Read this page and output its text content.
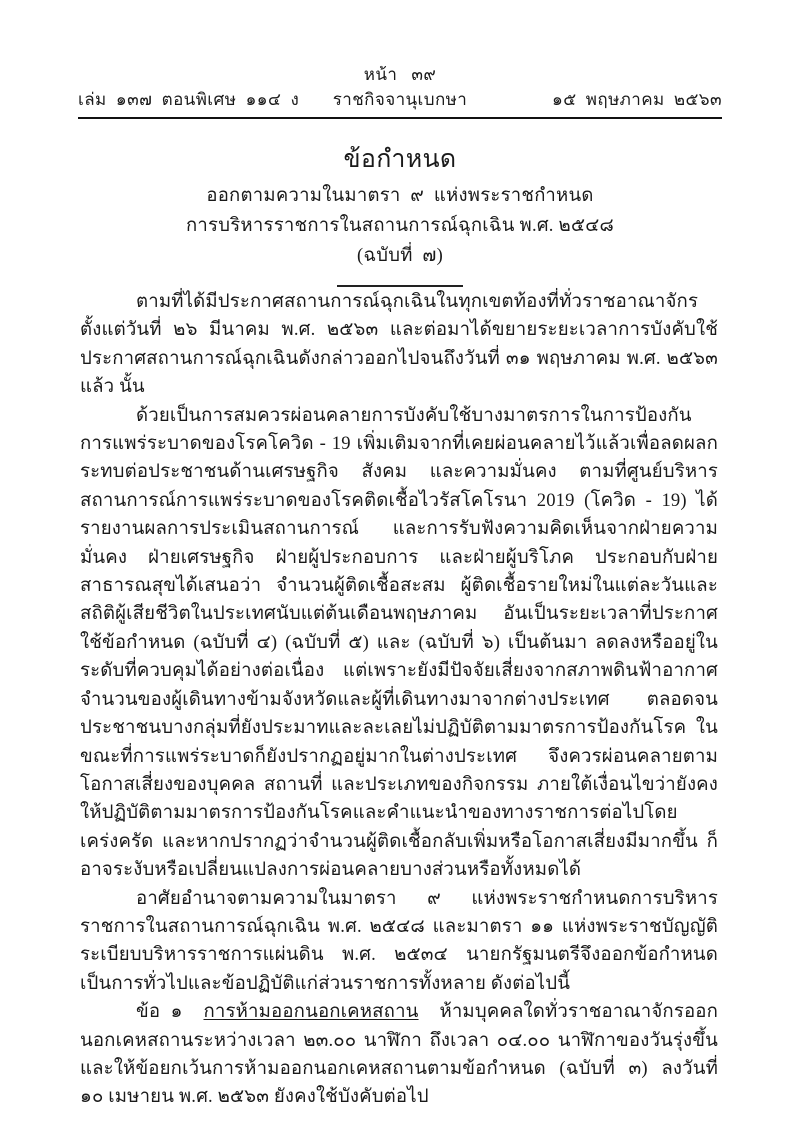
หน้า   ๓๙
เล่ม  ๑๓๗  ตอนพิเศษ  ๑๑๔  ง	ราชกิจจานุเบกษา	๑๕  พฤษภาคม  ๒๕๖๓
ข้อกำหนด
ออกตามความในมาตรา  ๙  แห่งพระราชกำหนด
การบริหารราชการในสถานการณ์ฉุกเฉิน พ.ศ. ๒๕๔๘
(ฉบับที่  ๗)

ตามที่ได้มีประกาศสถานการณ์ฉุกเฉินในทุกเขตท้องที่ทั่วราชอาณาจักรตั้งแต่วันที่ ๒๖ มีนาคม พ.ศ. ๒๕๖๓ และต่อมาได้ขยายระยะเวลาการบังคับใช้ประกาศสถานการณ์ฉุกเฉินดังกล่าวออกไปจนถึงวันที่ ๓๑ พฤษภาคม พ.ศ. ๒๕๖๓ แล้ว นั้น

ด้วยเป็นการสมควรผ่อนคลายการบังคับใช้บางมาตรการในการป้องกันการแพร่ระบาดของโรคโควิด - 19 เพิ่มเติมจากที่เคยผ่อนคลายไว้แล้วเพื่อลดผลกระทบต่อประชาชนด้านเศรษฐกิจ สังคม และความมั่นคง ตามที่ศูนย์บริหารสถานการณ์การแพร่ระบาดของโรคติดเชื้อไวรัสโคโรนา 2019 (โควิด - 19) ได้รายงานผลการประเมินสถานการณ์ และการรับฟังความคิดเห็นจากฝ่ายความมั่นคง ฝ่ายเศรษฐกิจ ฝ่ายผู้ประกอบการ และฝ่ายผู้บริโภค ประกอบกับฝ่ายสาธารณสุขได้เสนอว่า จำนวนผู้ติดเชื้อสะสม ผู้ติดเชื้อรายใหม่ในแต่ละวันและสถิติผู้เสียชีวิตในประเทศนับแต่ต้นเดือนพฤษภาคม อันเป็นระยะเวลาที่ประกาศใช้ข้อกำหนด (ฉบับที่ ๔) (ฉบับที่ ๕) และ (ฉบับที่ ๖) เป็นต้นมา ลดลงหรืออยู่ในระดับที่ควบคุมได้อย่างต่อเนื่อง แต่เพราะยังมีปัจจัยเสี่ยงจากสภาพดินฟ้าอากาศ จำนวนของผู้เดินทางข้ามจังหวัดและผู้ที่เดินทางมาจากต่างประเทศ ตลอดจนประชาชนบางกลุ่มที่ยังประมาทและละเลยไม่ปฏิบัติตามมาตรการป้องกันโรค ในขณะที่การแพร่ระบาดก็ยังปรากฏอยู่มากในต่างประเทศ จึงควรผ่อนคลายตามโอกาสเสี่ยงของบุคคล สถานที่ และประเภทของกิจกรรม ภายใต้เงื่อนไขว่ายังคงให้ปฏิบัติตามมาตรการป้องกันโรคและคำแนะนำของทางราชการต่อไปโดยเคร่งครัด และหากปรากฏว่าจำนวนผู้ติดเชื้อกลับเพิ่มหรือโอกาสเสี่ยงมีมากขึ้น ก็อาจระงับหรือเปลี่ยนแปลงการผ่อนคลายบางส่วนหรือทั้งหมดได้

อาศัยอำนาจตามความในมาตรา ๙ แห่งพระราชกำหนดการบริหารราชการในสถานการณ์ฉุกเฉิน พ.ศ. ๒๕๔๘ และมาตรา ๑๑ แห่งพระราชบัญญัติระเบียบบริหารราชการแผ่นดิน พ.ศ. ๒๕๓๔ นายกรัฐมนตรีจึงออกข้อกำหนดเป็นการทั่วไปและข้อปฏิบัติแก่ส่วนราชการทั้งหลาย ดังต่อไปนี้

ข้อ ๑ การห้ามออกนอกเคหสถาน ห้ามบุคคลใดทั่วราชอาณาจักรออกนอกเคหสถานระหว่างเวลา ๒๓.๐๐ นาฬิกา ถึงเวลา ๐๔.๐๐ นาฬิกาของวันรุ่งขึ้น และให้ข้อยกเว้นการห้ามออกนอกเคหสถานตามข้อกำหนด (ฉบับที่ ๓) ลงวันที่ ๑๐ เมษายน พ.ศ. ๒๕๖๓ ยังคงใช้บังคับต่อไป
